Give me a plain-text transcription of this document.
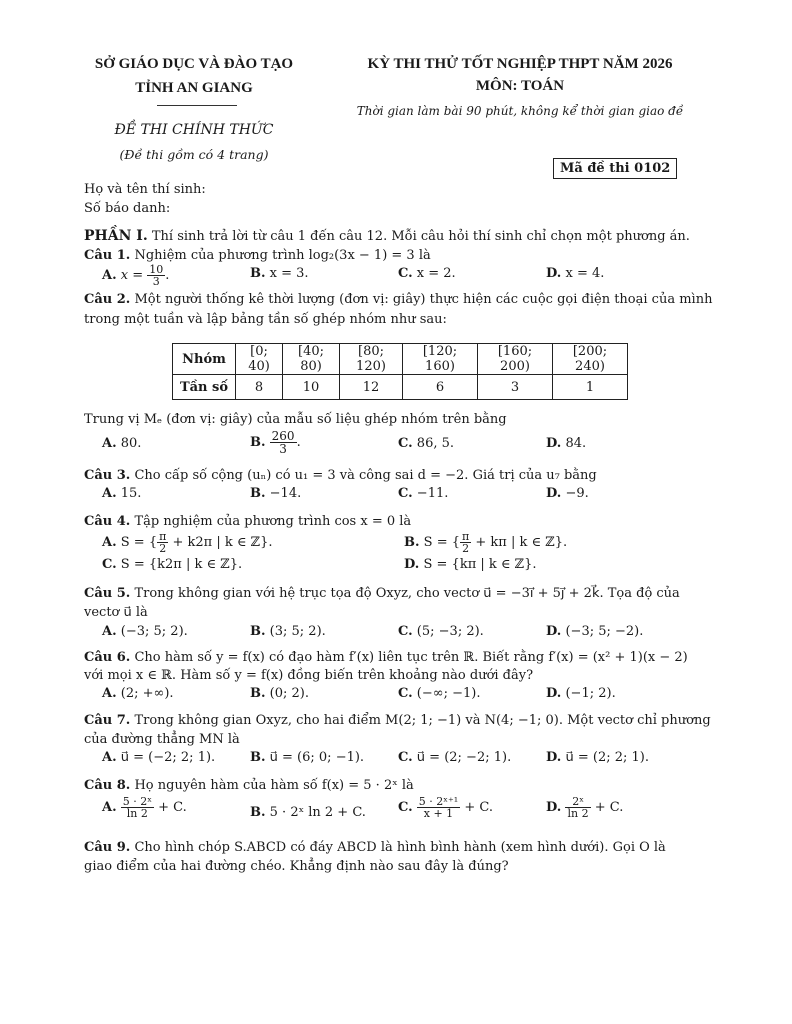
SỞ GIÁO DỤC VÀ ĐÀO TẠO
TỈNH AN GIANG
ĐỀ THI CHÍNH THỨC
(Đề thi gồm có 4 trang)
KỲ THI THỬ TỐT NGHIỆP THPT NĂM 2026
MÔN: TOÁN
Thời gian làm bài 90 phút, không kể thời gian giao đề
Mã đề thi 0102
Họ và tên thí sinh:
Số báo danh:
PHẦN I. Thí sinh trả lời từ câu 1 đến câu 12. Mỗi câu hỏi thí sinh chỉ chọn một phương án.
Câu 1. Nghiệm của phương trình log₂(3x − 1) = 3 là
A. $x = \frac{10}{3}$ .	B. x = 3.	C. x = 2.	D. x = 4.
Câu 2. Một người thống kê thời lượng (đơn vị: giây) thực hiện các cuộc gọi điện thoại của mình
trong một tuần và lập bảng tần số ghép nhóm như sau:
Nhóm	[0; 40)	[40; 80)	[80; 120)	[120; 160)	[160; 200)	[200; 240)
Tần số	8	10	12	6	3	1
Trung vị Mₑ (đơn vị: giây) của mẫu số liệu ghép nhóm trên bằng
A. 80.	B. $\frac{260}{3}$ .	C. 86, 5.	D. 84.
Câu 3. Cho cấp số cộng (uₙ) có u₁ = 3 và công sai d = −2. Giá trị của u₇ bằng
A. 15.	B. −14.	C. −11.	D. −9.
Câu 4. Tập nghiệm của phương trình cos x = 0 là
A. S = { $\frac{\pi}{2} + k2\pi$ | k ∈ ℤ}.	B. S = { $\frac{\pi}{2} + k\pi$ | k ∈ ℤ}.
C. S = {k2π | k ∈ ℤ}.	D. S = {kπ | k ∈ ℤ}.
Câu 5. Trong không gian với hệ trục tọa độ Oxyz, cho vectơ u⃗ = −3i⃗ + 5j⃗ + 2k⃗. Tọa độ của
vectơ u⃗ là
A. (−3; 5; 2).	B. (3; 5; 2).	C. (5; −3; 2).	D. (−3; 5; −2).
Câu 6. Cho hàm số y = f(x) có đạo hàm f′(x) liên tục trên ℝ. Biết rằng f′(x) = (x² + 1)(x − 2)
với mọi x ∈ ℝ. Hàm số y = f(x) đồng biến trên khoảng nào dưới đây?
A. (2; +∞).	B. (0; 2).	C. (−∞; −1).	D. (−1; 2).
Câu 7. Trong không gian Oxyz, cho hai điểm M(2; 1; −1) và N(4; −1; 0). Một vectơ chỉ phương
của đường thẳng MN là
A. u⃗ = (−2; 2; 1).	B. u⃗ = (6; 0; −1).	C. u⃗ = (2; −2; 1).	D. u⃗ = (2; 2; 1).
Câu 8. Họ nguyên hàm của hàm số f(x) = 5 · 2ˣ là
A. $\frac{\text{5 · 2ˣ}}{\ln 2} + C$.	B. 5 · 2ˣ ln 2 + C. C. $\frac{\text{5 · 2ˣ⁺¹}}{x + 1} + C$.	D. $\frac{\text{2ˣ}}{\ln 2} + C$.
Câu 9. Cho hình chóp S.ABCD có đáy ABCD là hình bình hành (xem hình dưới). Gọi O là
giao điểm của hai đường chéo. Khẳng định nào sau đây là đúng?
